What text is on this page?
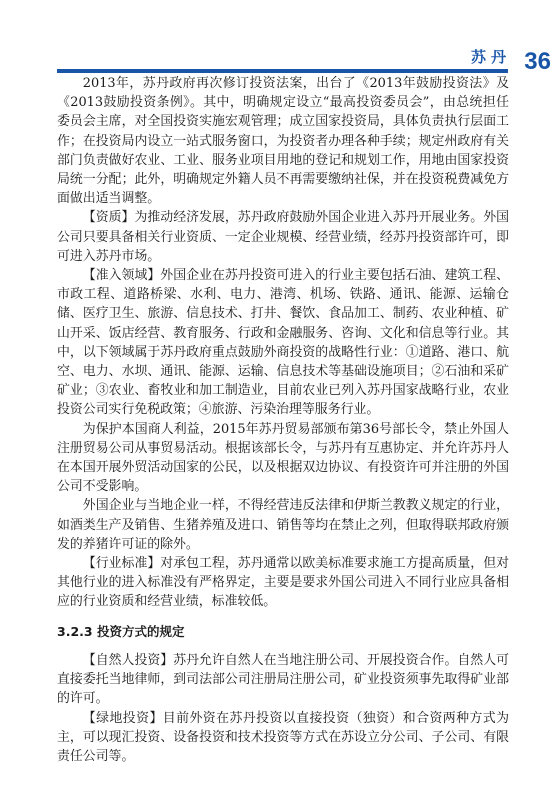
苏丹 36

2013年，苏丹政府再次修订投资法案，出台了《2013年鼓励投资法》及《2013鼓励投资条例》。其中，明确规定设立“最高投资委员会”，由总统担任委员会主席，对全国投资实施宏观管理；成立国家投资局，具体负责执行层面工作；在投资局内设立一站式服务窗口，为投资者办理各种手续；规定州政府有关部门负责做好农业、工业、服务业项目用地的登记和规划工作，用地由国家投资局统一分配；此外，明确规定外籍人员不再需要缴纳社保，并在投资税费减免方面做出适当调整。

【资质】为推动经济发展，苏丹政府鼓励外国企业进入苏丹开展业务。外国公司只要具备相关行业资质、一定企业规模、经营业绩，经苏丹投资部许可，即可进入苏丹市场。

【准入领域】外国企业在苏丹投资可进入的行业主要包括石油、建筑工程、市政工程、道路桥梁、水利、电力、港湾、机场、铁路、通讯、能源、运输仓储、医疗卫生、旅游、信息技术、打井、餐饮、食品加工、制药、农业种植、矿山开采、饭店经营、教育服务、行政和金融服务、咨询、文化和信息等行业。其中，以下领域属于苏丹政府重点鼓励外商投资的战略性行业：①道路、港口、航空、电力、水坝、通讯、能源、运输、信息技术等基础设施项目；②石油和采矿矿业；③农业、畜牧业和加工制造业，目前农业已列入苏丹国家战略行业，农业投资公司实行免税政策；④旅游、污染治理等服务行业。

为保护本国商人利益，2015年苏丹贸易部颁布第36号部长令，禁止外国人注册贸易公司从事贸易活动。根据该部长令，与苏丹有互惠协定、并允许苏丹人在本国开展外贸活动国家的公民，以及根据双边协议、有投资许可并注册的外国公司不受影响。

外国企业与当地企业一样，不得经营违反法律和伊斯兰教教义规定的行业，如酒类生产及销售、生猪养殖及进口、销售等均在禁止之列，但取得联邦政府颁发的养猪许可证的除外。

【行业标准】对承包工程，苏丹通常以欧美标准要求施工方提高质量，但对其他行业的进入标准没有严格界定，主要是要求外国公司进入不同行业应具备相应的行业资质和经营业绩，标准较低。

3.2.3 投资方式的规定

【自然人投资】苏丹允许自然人在当地注册公司、开展投资合作。自然人可直接委托当地律师，到司法部公司注册局注册公司，矿业投资须事先取得矿业部的许可。

【绿地投资】目前外资在苏丹投资以直接投资（独资）和合资两种方式为主，可以现汇投资、设备投资和技术投资等方式在苏设立分公司、子公司、有限责任公司等。
